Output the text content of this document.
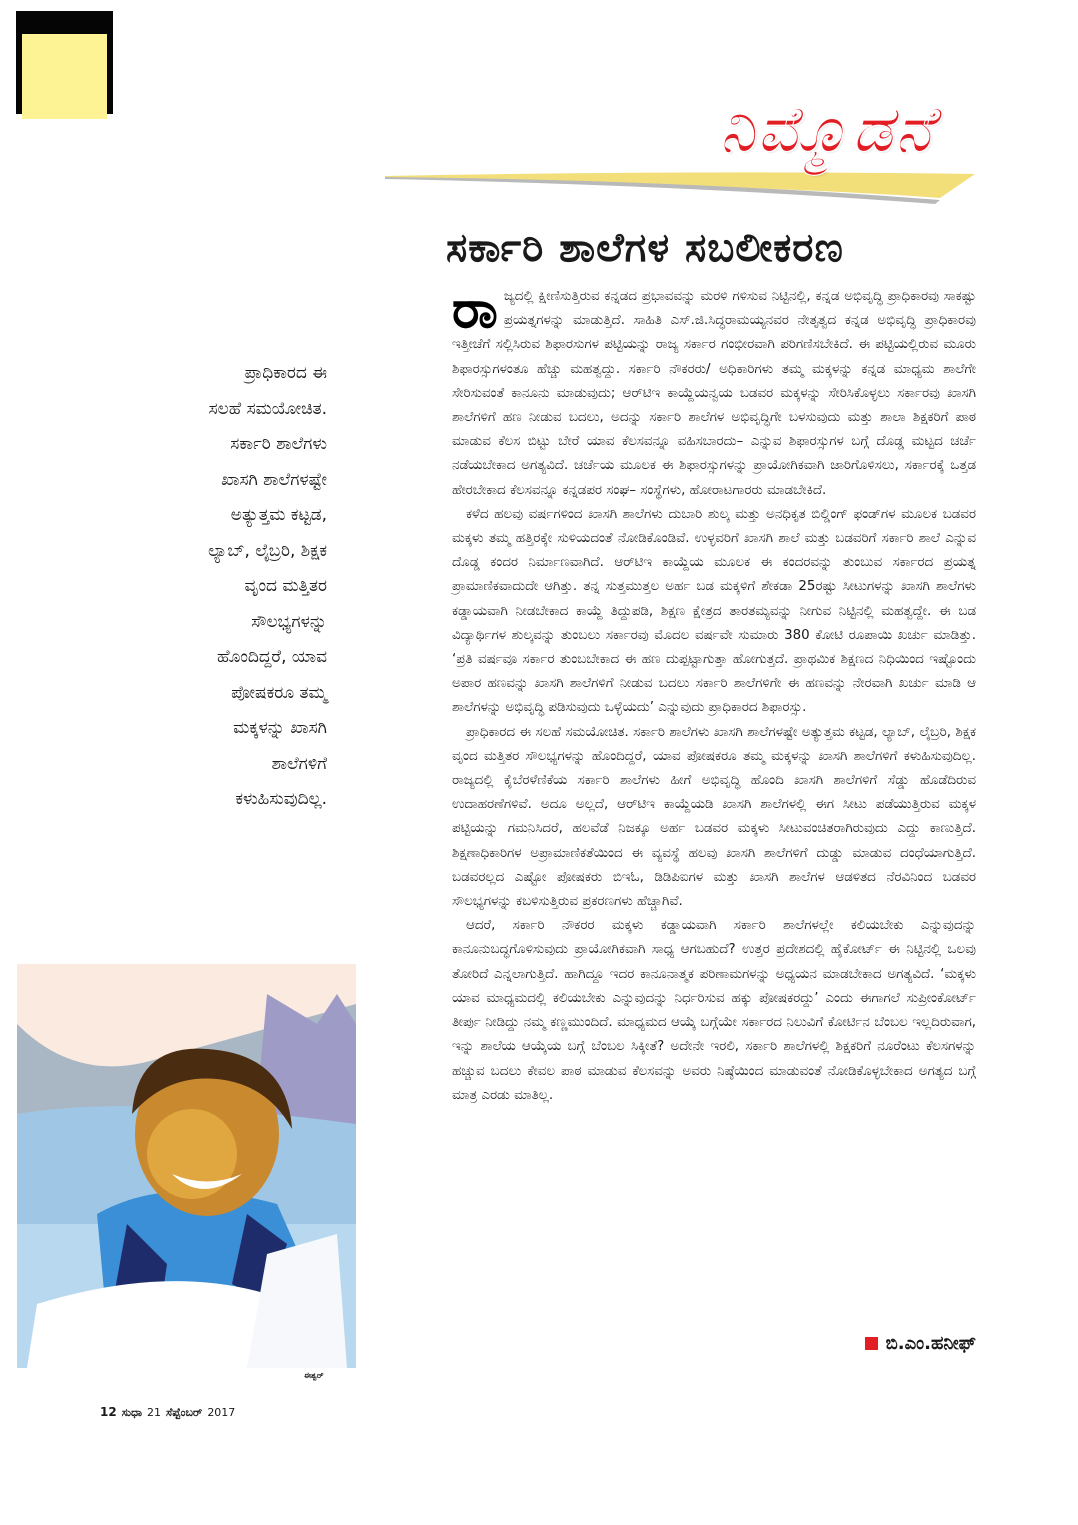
ನಿಮ್ಮೊಡನೆ
ಸರ್ಕಾರಿ ಶಾಲೆಗಳ ಸಬಲೀಕರಣ

ರಾ ಜ್ಯದಲ್ಲಿ ಕ್ಷೀಣಿಸುತ್ತಿರುವ ಕನ್ನಡದ ಪ್ರಭಾವವನ್ನು ಮರಳಿ ಗಳಿಸುವ ನಿಟ್ಟಿನಲ್ಲಿ, ಕನ್ನಡ ಅಭಿವೃದ್ಧಿ ಪ್ರಾಧಿಕಾರವು ಸಾಕಷ್ಟು ಪ್ರಯತ್ನಗಳನ್ನು ಮಾಡುತ್ತಿದೆ. ಸಾಹಿತಿ ಎಸ್.ಜಿ.ಸಿದ್ಧರಾಮಯ್ಯನವರ ನೇತೃತ್ವದ ಕನ್ನಡ ಅಭಿವೃದ್ಧಿ ಪ್ರಾಧಿಕಾರವು ಇತ್ತೀಚೆಗೆ ಸಲ್ಲಿಸಿರುವ ಶಿಫಾರಸುಗಳ ಪಟ್ಟಿಯನ್ನು ರಾಜ್ಯ ಸರ್ಕಾರ ಗಂಭೀರವಾಗಿ ಪರಿಗಣಿಸಬೇಕಿದೆ. ಈ ಪಟ್ಟಿಯಲ್ಲಿರುವ ಮೂರು ಶಿಫಾರಸ್ಸುಗಳಂತೂ ಹೆಚ್ಚು ಮಹತ್ವದ್ದು. ಸರ್ಕಾರಿ ನೌಕರರು/ ಅಧಿಕಾರಿಗಳು ತಮ್ಮ ಮಕ್ಕಳನ್ನು ಕನ್ನಡ ಮಾಧ್ಯಮ ಶಾಲೆಗೇ ಸೇರಿಸುವಂತೆ ಕಾನೂನು ಮಾಡುವುದು; ಆರ್‌ಟಿಇ ಕಾಯ್ದೆಯನ್ವಯ ಬಡವರ ಮಕ್ಕಳನ್ನು ಸೇರಿಸಿಕೊಳ್ಳಲು ಸರ್ಕಾರವು ಖಾಸಗಿ ಶಾಲೆಗಳಿಗೆ ಹಣ ನೀಡುವ ಬದಲು, ಅದನ್ನು ಸರ್ಕಾರಿ ಶಾಲೆಗಳ ಅಭಿವೃದ್ಧಿಗೇ ಬಳಸುವುದು ಮತ್ತು ಶಾಲಾ ಶಿಕ್ಷಕರಿಗೆ ಪಾಠ ಮಾಡುವ ಕೆಲಸ ಬಿಟ್ಟು ಬೇರೆ ಯಾವ ಕೆಲಸವನ್ನೂ ವಹಿಸಬಾರದು– ಎನ್ನುವ ಶಿಫಾರಸ್ಸುಗಳ ಬಗ್ಗೆ ದೊಡ್ಡ ಮಟ್ಟದ ಚರ್ಚೆ ನಡೆಯಬೇಕಾದ ಅಗತ್ಯವಿದೆ. ಚರ್ಚೆಯ ಮೂಲಕ ಈ ಶಿಫಾರಸ್ಸುಗಳನ್ನು ಪ್ರಾಯೋಗಿಕವಾಗಿ ಜಾರಿಗೊಳಿಸಲು, ಸರ್ಕಾರಕ್ಕೆ ಒತ್ತಡ ಹೇರಬೇಕಾದ ಕೆಲಸವನ್ನೂ ಕನ್ನಡಪರ ಸಂಘ– ಸಂಸ್ಥೆಗಳು, ಹೋರಾಟಗಾರರು ಮಾಡಬೇಕಿದೆ.

ಕಳೆದ ಹಲವು ವರ್ಷಗಳಿಂದ ಖಾಸಗಿ ಶಾಲೆಗಳು ದುಬಾರಿ ಶುಲ್ಕ ಮತ್ತು ಅನಧಿಕೃತ ಬಿಲ್ಡಿಂಗ್ ಫಂಡ್‌ಗಳ ಮೂಲಕ ಬಡವರ ಮಕ್ಕಳು ತಮ್ಮ ಹತ್ತಿರಕ್ಕೇ ಸುಳಿಯದಂತೆ ನೋಡಿಕೊಂಡಿವೆ. ಉಳ್ಳವರಿಗೆ ಖಾಸಗಿ ಶಾಲೆ ಮತ್ತು ಬಡವರಿಗೆ ಸರ್ಕಾರಿ ಶಾಲೆ ಎನ್ನುವ ದೊಡ್ಡ ಕಂದರ ನಿರ್ಮಾಣವಾಗಿದೆ. ಆರ್‌ಟಿಇ ಕಾಯ್ದೆಯ ಮೂಲಕ ಈ ಕಂದರವನ್ನು ತುಂಬುವ ಸರ್ಕಾರದ ಪ್ರಯತ್ನ ಪ್ರಾಮಾಣಿಕವಾದುದೇ ಆಗಿತ್ತು. ತನ್ನ ಸುತ್ತಮುತ್ತಲ ಅರ್ಹ ಬಡ ಮಕ್ಕಳಿಗೆ ಶೇಕಡಾ 25ರಷ್ಟು ಸೀಟುಗಳನ್ನು ಖಾಸಗಿ ಶಾಲೆಗಳು ಕಡ್ಡಾಯವಾಗಿ ನೀಡಬೇಕಾದ ಕಾಯ್ದೆ ತಿದ್ದುಪಡಿ, ಶಿಕ್ಷಣ ಕ್ಷೇತ್ರದ ತಾರತಮ್ಯವನ್ನು ನೀಗುವ ನಿಟ್ಟಿನಲ್ಲಿ ಮಹತ್ವದ್ದೇ. ಈ ಬಡ ವಿದ್ಯಾರ್ಥಿಗಳ ಶುಲ್ಕವನ್ನು ತುಂಬಲು ಸರ್ಕಾರವು ಮೊದಲ ವರ್ಷವೇ ಸುಮಾರು 380 ಕೋಟಿ ರೂಪಾಯಿ ಖರ್ಚು ಮಾಡಿತ್ತು. ‘ಪ್ರತಿ ವರ್ಷವೂ ಸರ್ಕಾರ ತುಂಬಬೇಕಾದ ಈ ಹಣ ದುಪ್ಪಟ್ಟಾಗುತ್ತಾ ಹೋಗುತ್ತದೆ. ಪ್ರಾಥಮಿಕ ಶಿಕ್ಷಣದ ನಿಧಿಯಿಂದ ಇಷ್ಟೊಂದು ಅಪಾರ ಹಣವನ್ನು ಖಾಸಗಿ ಶಾಲೆಗಳಿಗೆ ನೀಡುವ ಬದಲು ಸರ್ಕಾರಿ ಶಾಲೆಗಳಿಗೇ ಈ ಹಣವನ್ನು ನೇರವಾಗಿ ಖರ್ಚು ಮಾಡಿ ಆ ಶಾಲೆಗಳನ್ನು ಅಭಿವೃದ್ಧಿ ಪಡಿಸುವುದು ಒಳ್ಳೆಯದು’ ಎನ್ನುವುದು ಪ್ರಾಧಿಕಾರದ ಶಿಫಾರಸ್ಸು.

ಪ್ರಾಧಿಕಾರದ ಈ ಸಲಹೆ ಸಮಯೋಚಿತ. ಸರ್ಕಾರಿ ಶಾಲೆಗಳು ಖಾಸಗಿ ಶಾಲೆಗಳಷ್ಟೇ ಅತ್ಯುತ್ತಮ ಕಟ್ಟಡ, ಲ್ಯಾಬ್, ಲೈಬ್ರರಿ, ಶಿಕ್ಷಕ ವೃಂದ ಮತ್ತಿತರ ಸೌಲಭ್ಯಗಳನ್ನು ಹೊಂದಿದ್ದರೆ, ಯಾವ ಪೋಷಕರೂ ತಮ್ಮ ಮಕ್ಕಳನ್ನು ಖಾಸಗಿ ಶಾಲೆಗಳಿಗೆ ಕಳುಹಿಸುವುದಿಲ್ಲ. ರಾಜ್ಯದಲ್ಲಿ ಕೈಬೆರಳೆಣಿಕೆಯ ಸರ್ಕಾರಿ ಶಾಲೆಗಳು ಹೀಗೆ ಅಭಿವೃದ್ಧಿ ಹೊಂದಿ ಖಾಸಗಿ ಶಾಲೆಗಳಿಗೆ ಸೆಡ್ಡು ಹೊಡೆದಿರುವ ಉದಾಹರಣೆಗಳಿವೆ. ಅದೂ ಅಲ್ಲದೆ, ಆರ್‌ಟಿಇ ಕಾಯ್ದೆಯಡಿ ಖಾಸಗಿ ಶಾಲೆಗಳಲ್ಲಿ ಈಗ ಸೀಟು ಪಡೆಯುತ್ತಿರುವ ಮಕ್ಕಳ ಪಟ್ಟಿಯನ್ನು ಗಮನಿಸಿದರೆ, ಹಲವೆಡೆ ನಿಜಕ್ಕೂ ಅರ್ಹ ಬಡವರ ಮಕ್ಕಳು ಸೀಟುವಂಚಿತರಾಗಿರುವುದು ಎದ್ದು ಕಾಣುತ್ತಿದೆ. ಶಿಕ್ಷಣಾಧಿಕಾರಿಗಳ ಅಪ್ರಾಮಾಣಿಕತೆಯಿಂದ ಈ ವ್ಯವಸ್ಥೆ ಹಲವು ಖಾಸಗಿ ಶಾಲೆಗಳಿಗೆ ದುಡ್ಡು ಮಾಡುವ ದಂಧೆಯಾಗುತ್ತಿದೆ. ಬಡವರಲ್ಲದ ಎಷ್ಟೋ ಪೋಷಕರು ಬಿಇಓ, ಡಿಡಿಪಿಐಗಳ ಮತ್ತು ಖಾಸಗಿ ಶಾಲೆಗಳ ಆಡಳಿತದ ನೆರವಿನಿಂದ ಬಡವರ ಸೌಲಭ್ಯಗಳನ್ನು ಕಬಳಿಸುತ್ತಿರುವ ಪ್ರಕರಣಗಳು ಹೆಚ್ಚಾಗಿವೆ.

ಆದರೆ, ಸರ್ಕಾರಿ ನೌಕರರ ಮಕ್ಕಳು ಕಡ್ಡಾಯವಾಗಿ ಸರ್ಕಾರಿ ಶಾಲೆಗಳಲ್ಲೇ ಕಲಿಯಬೇಕು ಎನ್ನುವುದನ್ನು ಕಾನೂನುಬದ್ಧಗೊಳಿಸುವುದು ಪ್ರಾಯೋಗಿಕವಾಗಿ ಸಾಧ್ಯ ಆಗಬಹುದೆ? ಉತ್ತರ ಪ್ರದೇಶದಲ್ಲಿ ಹೈಕೋರ್ಟ್ ಈ ನಿಟ್ಟಿನಲ್ಲಿ ಒಲವು ತೋರಿದೆ ಎನ್ನಲಾಗುತ್ತಿದೆ. ಹಾಗಿದ್ದೂ ಇದರ ಕಾನೂನಾತ್ಮಕ ಪರಿಣಾಮಗಳನ್ನು ಅಧ್ಯಯನ ಮಾಡಬೇಕಾದ ಅಗತ್ಯವಿದೆ. ‘ಮಕ್ಕಳು ಯಾವ ಮಾಧ್ಯಮದಲ್ಲಿ ಕಲಿಯಬೇಕು ಎನ್ನುವುದನ್ನು ನಿರ್ಧರಿಸುವ ಹಕ್ಕು ಪೋಷಕರದ್ದು’ ಎಂದು ಈಗಾಗಲೆ ಸುಪ್ರೀಂಕೋರ್ಟ್ ತೀರ್ಪು ನೀಡಿದ್ದು ನಮ್ಮ ಕಣ್ಣಮುಂದಿದೆ. ಮಾಧ್ಯಮದ ಆಯ್ಕೆ ಬಗ್ಗೆಯೇ ಸರ್ಕಾರದ ನಿಲುವಿಗೆ ಕೋರ್ಟಿನ ಬೆಂಬಲ ಇಲ್ಲದಿರುವಾಗ, ಇನ್ನು ಶಾಲೆಯ ಆಯ್ಕೆಯ ಬಗ್ಗೆ ಬೆಂಬಲ ಸಿಕ್ಕೀತೆ? ಅದೇನೇ ಇರಲಿ, ಸರ್ಕಾರಿ ಶಾಲೆಗಳಲ್ಲಿ ಶಿಕ್ಷಕರಿಗೆ ನೂರೆಂಟು ಕೆಲಸಗಳನ್ನು ಹಚ್ಚುವ ಬದಲು ಕೇವಲ ಪಾಠ ಮಾಡುವ ಕೆಲಸವನ್ನು ಅವರು ನಿಷ್ಠೆಯಿಂದ ಮಾಡುವಂತೆ ನೋಡಿಕೊಳ್ಳಬೇಕಾದ ಅಗತ್ಯದ ಬಗ್ಗೆ ಮಾತ್ರ ಎರಡು ಮಾತಿಲ್ಲ.

ಬಿ.ಎಂ.ಹನೀಫ್
ಪ್ರಾಧಿಕಾರದ ಈ
ಸಲಹೆ ಸಮಯೋಚಿತ.
ಸರ್ಕಾರಿ ಶಾಲೆಗಳು
ಖಾಸಗಿ ಶಾಲೆಗಳಷ್ಟೇ
ಅತ್ಯುತ್ತಮ ಕಟ್ಟಡ,
ಲ್ಯಾಬ್, ಲೈಬ್ರರಿ, ಶಿಕ್ಷಕ
ವೃಂದ ಮತ್ತಿತರ
ಸೌಲಭ್ಯಗಳನ್ನು
ಹೊಂದಿದ್ದರೆ, ಯಾವ
ಪೋಷಕರೂ ತಮ್ಮ
ಮಕ್ಕಳನ್ನು ಖಾಸಗಿ
ಶಾಲೆಗಳಿಗೆ
ಕಳುಹಿಸುವುದಿಲ್ಲ.
ಈಶ್ವರ್
12 ಸುಧಾ 21 ಸೆಪ್ಟೆಂಬರ್ 2017
